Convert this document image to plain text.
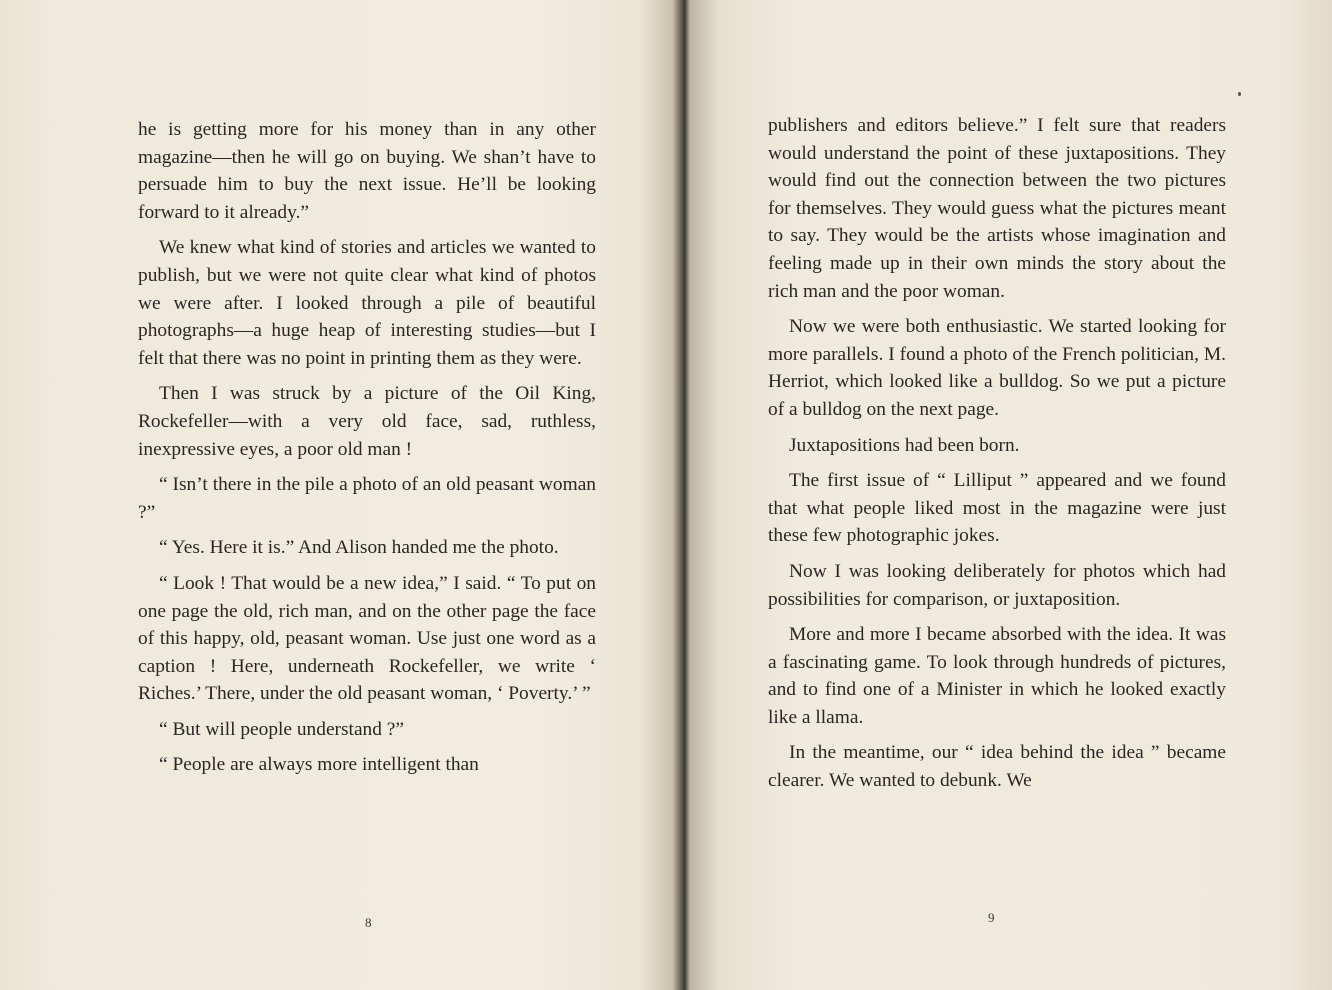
he is getting more for his money than in any other magazine—then he will go on buying. We shan’t have to persuade him to buy the next issue. He’ll be looking forward to it already.”

We knew what kind of stories and articles we wanted to publish, but we were not quite clear what kind of photos we were after. I looked through a pile of beautiful photographs—a huge heap of interesting studies—but I felt that there was no point in printing them as they were.

Then I was struck by a picture of the Oil King, Rockefeller—with a very old face, sad, ruthless, inexpressive eyes, a poor old man !

“ Isn’t there in the pile a photo of an old peasant woman ?”

“ Yes. Here it is.” And Alison handed me the photo.

“ Look ! That would be a new idea,” I said. “ To put on one page the old, rich man, and on the other page the face of this happy, old, peasant woman. Use just one word as a caption ! Here, underneath Rockefeller, we write ‘ Riches.’ There, under the old peasant woman, ‘ Poverty.’ ”

“ But will people understand ?”

“ People are always more intelligent than

8

publishers and editors believe.” I felt sure that readers would understand the point of these juxtapositions. They would find out the connection between the two pictures for themselves. They would guess what the pictures meant to say. They would be the artists whose imagination and feeling made up in their own minds the story about the rich man and the poor woman.

Now we were both enthusiastic. We started looking for more parallels. I found a photo of the French politician, M. Herriot, which looked like a bulldog. So we put a picture of a bulldog on the next page.

Juxtapositions had been born.

The first issue of “ Lilliput ” appeared and we found that what people liked most in the magazine were just these few photographic jokes.

Now I was looking deliberately for photos which had possibilities for comparison, or juxtaposition.

More and more I became absorbed with the idea. It was a fascinating game. To look through hundreds of pictures, and to find one of a Minister in which he looked exactly like a llama.

In the meantime, our “ idea behind the idea ” became clearer. We wanted to debunk. We

9
